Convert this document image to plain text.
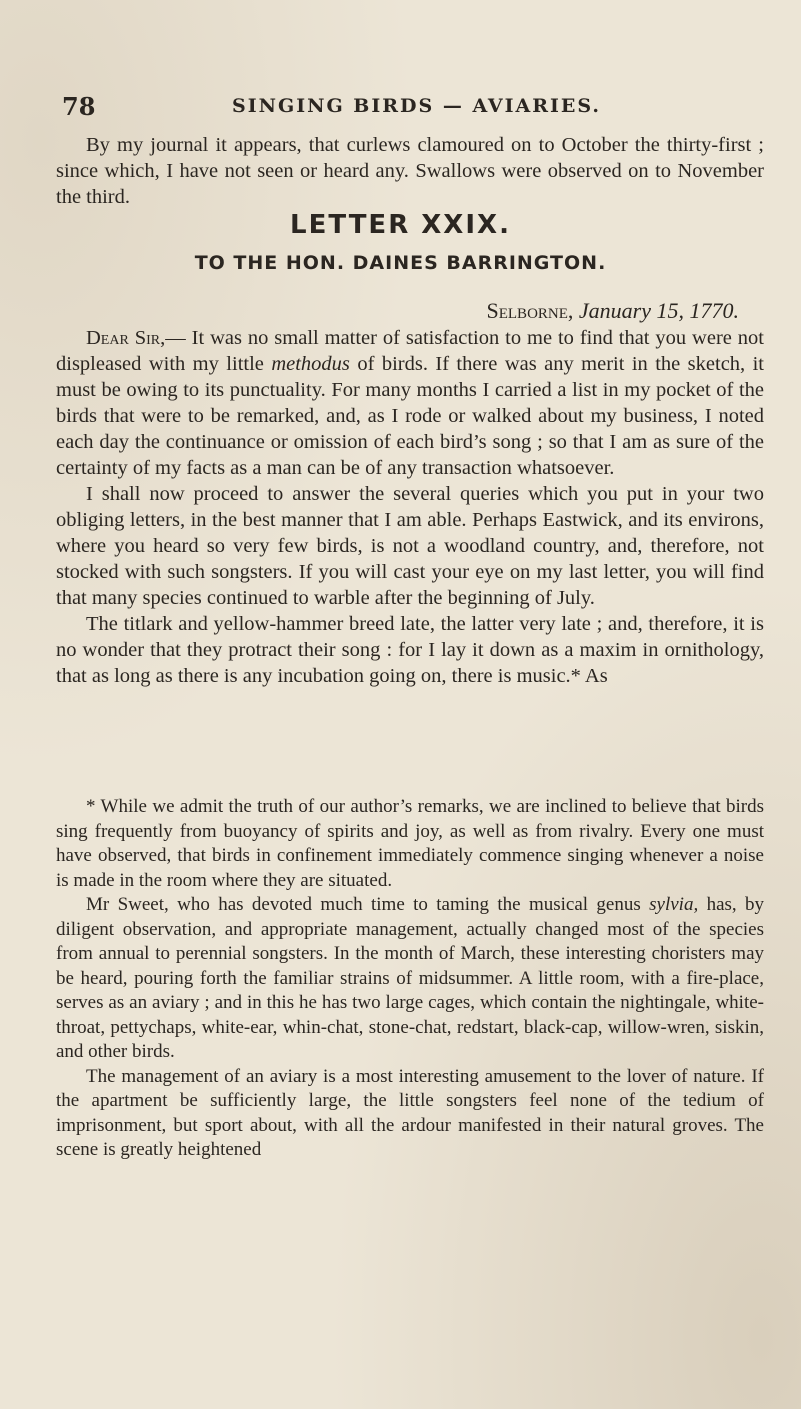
78	SINGING BIRDS — AVIARIES.

By my journal it appears, that curlews clamoured on to October the thirty-first ; since which, I have not seen or heard any. Swallows were observed on to November the third.

LETTER XXIX.
TO THE HON. DAINES BARRINGTON.
Selborne, January 15, 1770.

Dear Sir,— It was no small matter of satisfaction to me to find that you were not displeased with my little methodus of birds. If there was any merit in the sketch, it must be owing to its punctuality. For many months I carried a list in my pocket of the birds that were to be remarked, and, as I rode or walked about my business, I noted each day the continuance or omission of each bird’s song ; so that I am as sure of the certainty of my facts as a man can be of any transaction whatsoever.

I shall now proceed to answer the several queries which you put in your two obliging letters, in the best manner that I am able. Perhaps Eastwick, and its environs, where you heard so very few birds, is not a woodland country, and, therefore, not stocked with such songsters. If you will cast your eye on my last letter, you will find that many species continued to warble after the beginning of July.

The titlark and yellow-hammer breed late, the latter very late ; and, therefore, it is no wonder that they protract their song : for I lay it down as a maxim in ornithology, that as long as there is any incubation going on, there is music.* As

* While we admit the truth of our author’s remarks, we are inclined to believe that birds sing frequently from buoyancy of spirits and joy, as well as from rivalry. Every one must have observed, that birds in confinement immediately commence singing whenever a noise is made in the room where they are situated.

Mr Sweet, who has devoted much time to taming the musical genus sylvia, has, by diligent observation, and appropriate management, actually changed most of the species from annual to perennial songsters. In the month of March, these interesting choristers may be heard, pouring forth the familiar strains of midsummer. A little room, with a fire-place, serves as an aviary ; and in this he has two large cages, which contain the nightingale, white-throat, pettychaps, white-ear, whin-chat, stone-chat, redstart, black-cap, willow-wren, siskin, and other birds.

The management of an aviary is a most interesting amusement to the lover of nature. If the apartment be sufficiently large, the little songsters feel none of the tedium of imprisonment, but sport about, with all the ardour manifested in their natural groves. The scene is greatly heightened
